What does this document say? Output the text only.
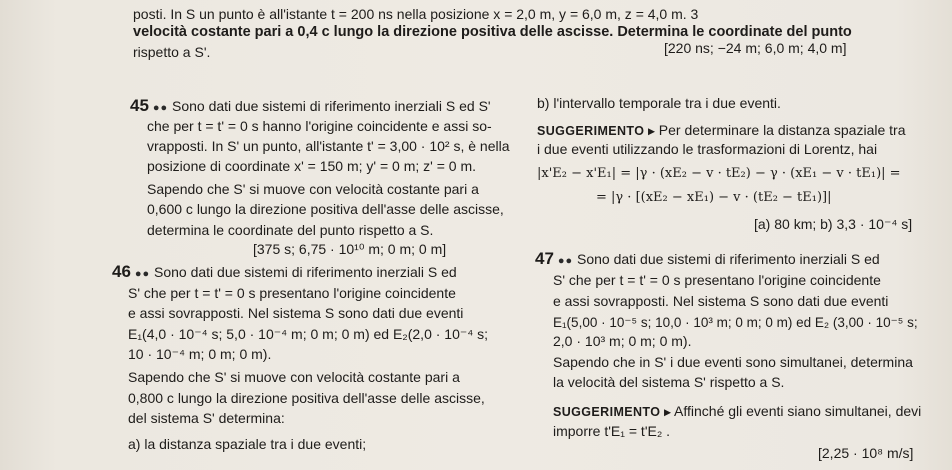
posti. In S un punto è all'istante t = 200 ns nella posizione x = 2,0 m, y = 6,0 m, z = 4,0 m. 3
velocità costante pari a 0,4 c lungo la direzione positiva delle ascisse. Determina le coordinate del punto
rispetto a S'.	[220 ns; −24 m; 6,0 m; 4,0 m]
45 ●● Sono dati due sistemi di riferimento inerziali S ed S'
che per t = t' = 0 s hanno l'origine coincidente e assi so-
vrapposti. In S' un punto, all'istante t' = 3,00 · 10² s, è nella
posizione di coordinate x' = 150 m; y' = 0 m; z' = 0 m.
Sapendo che S' si muove con velocità costante pari a
0,600 c lungo la direzione positiva dell'asse delle ascisse,
determina le coordinate del punto rispetto a S.
[375 s; 6,75 · 10¹⁰ m; 0 m; 0 m]
46 ●● Sono dati due sistemi di riferimento inerziali S ed
S' che per t = t' = 0 s presentano l'origine coincidente
e assi sovrapposti. Nel sistema S sono dati due eventi
E₁(4,0 · 10⁻⁴ s; 5,0 · 10⁻⁴ m; 0 m; 0 m) ed E₂(2,0 · 10⁻⁴ s;
10 · 10⁻⁴ m; 0 m; 0 m).
Sapendo che S' si muove con velocità costante pari a
0,800 c lungo la direzione positiva dell'asse delle ascisse,
del sistema S' determina:
a) la distanza spaziale tra i due eventi;
b) l'intervallo temporale tra i due eventi.
SUGGERIMENTO ▸ Per determinare la distanza spaziale tra
i due eventi utilizzando le trasformazioni di Lorentz, hai
|x'E₂ − x'E₁| = |γ · (xE₂ − v · tE₂) − γ · (xE₁ − v · tE₁)| =
= |γ · [(xE₂ − xE₁) − v · (tE₂ − tE₁)]|
[a) 80 km; b) 3,3 · 10⁻⁴ s]
47 ●● Sono dati due sistemi di riferimento inerziali S ed
S' che per t = t' = 0 s presentano l'origine coincidente
e assi sovrapposti. Nel sistema S sono dati due eventi
E₁(5,00 · 10⁻⁵ s; 10,0 · 10³ m; 0 m; 0 m) ed E₂ (3,00 · 10⁻⁵ s;
2,0 · 10³ m; 0 m; 0 m).
Sapendo che in S' i due eventi sono simultanei, determina
la velocità del sistema S' rispetto a S.
SUGGERIMENTO ▸ Affinché gli eventi siano simultanei, devi
imporre t'E₁ = t'E₂ .
[2,25 · 10⁸ m/s]
